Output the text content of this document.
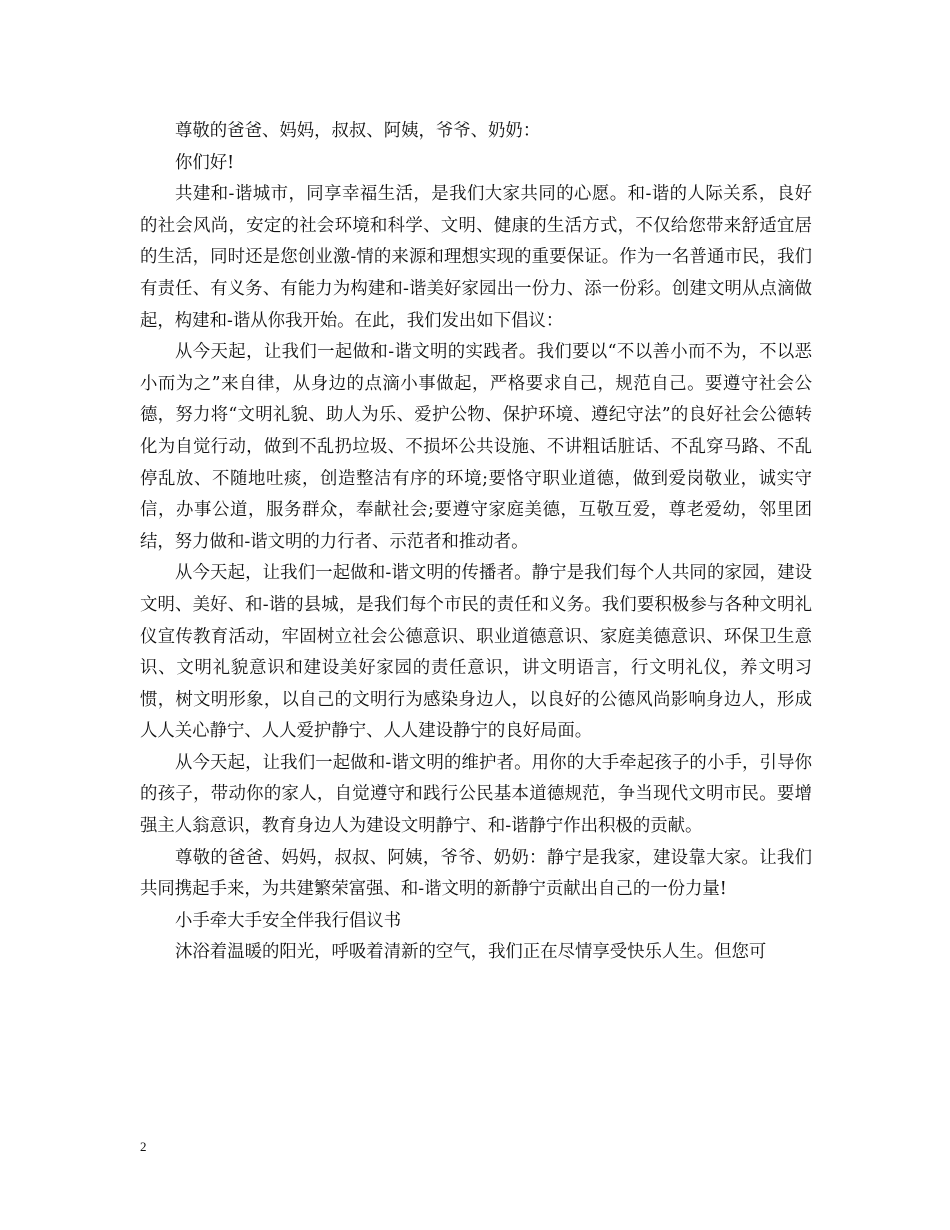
尊敬的爸爸、妈妈，叔叔、阿姨，爷爷、奶奶：

你们好!

共建和-谐城市，同享幸福生活，是我们大家共同的心愿。和-谐的人际关系，良好的社会风尚，安定的社会环境和科学、文明、健康的生活方式，不仅给您带来舒适宜居的生活，同时还是您创业激-情的来源和理想实现的重要保证。作为一名普通市民，我们有责任、有义务、有能力为构建和-谐美好家园出一份力、添一份彩。创建文明从点滴做起，构建和-谐从你我开始。在此，我们发出如下倡议：

从今天起，让我们一起做和-谐文明的实践者。我们要以“不以善小而不为，不以恶小而为之”来自律，从身边的点滴小事做起，严格要求自己，规范自己。要遵守社会公德，努力将“文明礼貌、助人为乐、爱护公物、保护环境、遵纪守法”的良好社会公德转化为自觉行动，做到不乱扔垃圾、不损坏公共设施、不讲粗话脏话、不乱穿马路、不乱停乱放、不随地吐痰，创造整洁有序的环境;要恪守职业道德，做到爱岗敬业，诚实守信，办事公道，服务群众，奉献社会;要遵守家庭美德，互敬互爱，尊老爱幼，邻里团结，努力做和-谐文明的力行者、示范者和推动者。

从今天起，让我们一起做和-谐文明的传播者。静宁是我们每个人共同的家园，建设文明、美好、和-谐的县城，是我们每个市民的责任和义务。我们要积极参与各种文明礼仪宣传教育活动，牢固树立社会公德意识、职业道德意识、家庭美德意识、环保卫生意识、文明礼貌意识和建设美好家园的责任意识，讲文明语言，行文明礼仪，养文明习惯，树文明形象，以自己的文明行为感染身边人，以良好的公德风尚影响身边人，形成人人关心静宁、人人爱护静宁、人人建设静宁的良好局面。

从今天起，让我们一起做和-谐文明的维护者。用你的大手牵起孩子的小手，引导你的孩子，带动你的家人，自觉遵守和践行公民基本道德规范，争当现代文明市民。要增强主人翁意识，教育身边人为建设文明静宁、和-谐静宁作出积极的贡献。

尊敬的爸爸、妈妈，叔叔、阿姨，爷爷、奶奶：静宁是我家，建设靠大家。让我们共同携起手来，为共建繁荣富强、和-谐文明的新静宁贡献出自己的一份力量!

小手牵大手安全伴我行倡议书

沐浴着温暖的阳光，呼吸着清新的空气，我们正在尽情享受快乐人生。但您可

2
